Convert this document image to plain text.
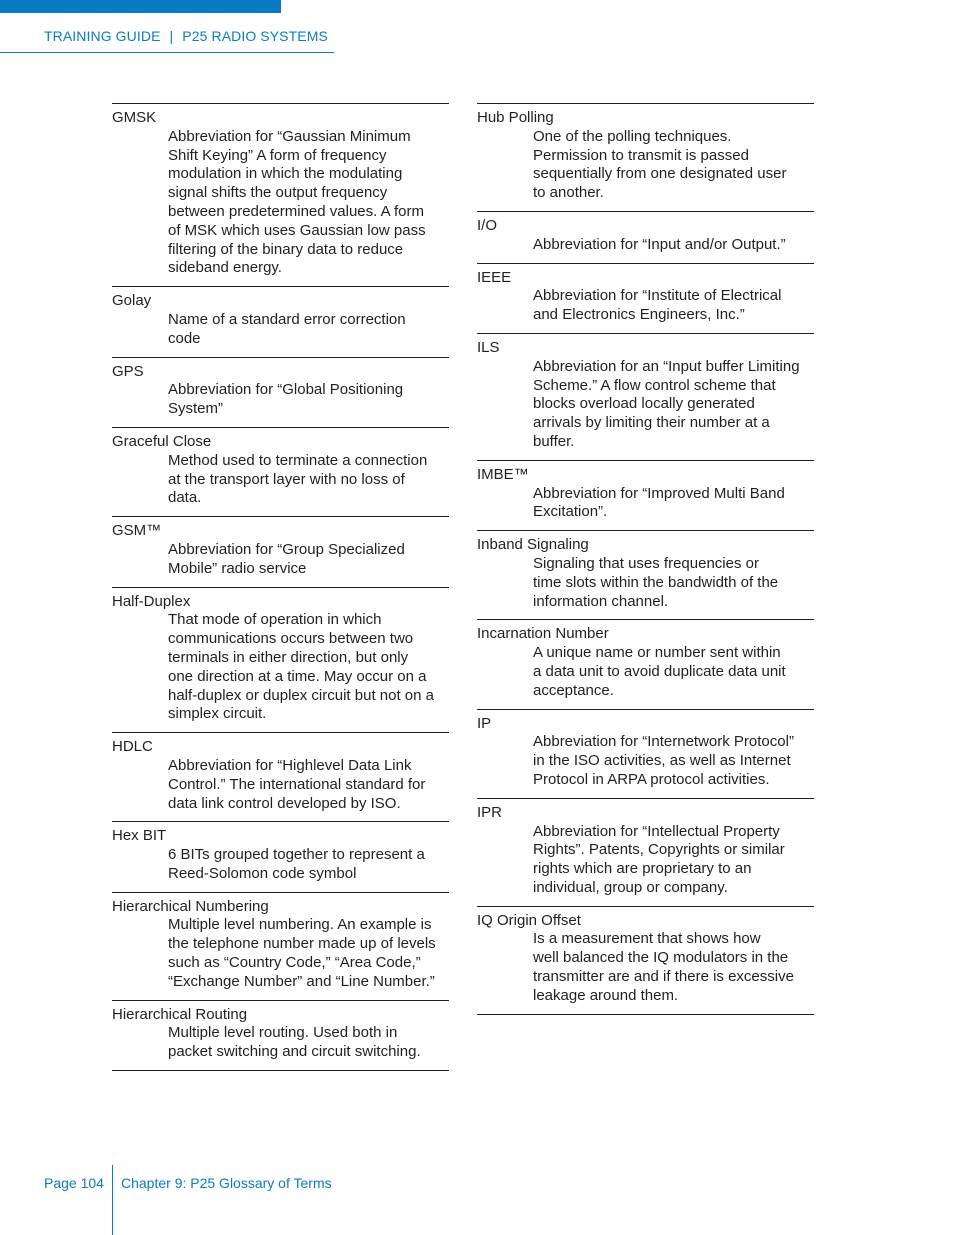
TRAINING GUIDE | P25 RADIO SYSTEMS
GMSK
Abbreviation for “Gaussian Minimum
Shift Keying” A form of frequency
modulation in which the modulating
signal shifts the output frequency
between predetermined values. A form
of MSK which uses Gaussian low pass
filtering of the binary data to reduce
sideband energy.
Golay
Name of a standard error correction
code
GPS
Abbreviation for “Global Positioning
System”
Graceful Close
Method used to terminate a connection
at the transport layer with no loss of
data.
GSM™
Abbreviation for “Group Specialized
Mobile” radio service
Half-Duplex
That mode of operation in which
communications occurs between two
terminals in either direction, but only
one direction at a time. May occur on a
half-duplex or duplex circuit but not on a
simplex circuit.
HDLC
Abbreviation for “Highlevel Data Link
Control.” The international standard for
data link control developed by ISO.
Hex BIT
6 BITs grouped together to represent a
Reed-Solomon code symbol
Hierarchical Numbering
Multiple level numbering. An example is
the telephone number made up of levels
such as “Country Code,” “Area Code,”
“Exchange Number” and “Line Number.”
Hierarchical Routing
Multiple level routing. Used both in
packet switching and circuit switching.
Hub Polling
One of the polling techniques.
Permission to transmit is passed
sequentially from one designated user
to another.
I/O
Abbreviation for “Input and/or Output.”
IEEE
Abbreviation for “Institute of Electrical
and Electronics Engineers, Inc.”
ILS
Abbreviation for an “Input buffer Limiting
Scheme.” A flow control scheme that
blocks overload locally generated
arrivals by limiting their number at a
buffer.
IMBE™
Abbreviation for “Improved Multi Band
Excitation”.
Inband Signaling
Signaling that uses frequencies or
time slots within the bandwidth of the
information channel.
Incarnation Number
A unique name or number sent within
a data unit to avoid duplicate data unit
acceptance.
IP
Abbreviation for “Internetwork Protocol”
in the ISO activities, as well as Internet
Protocol in ARPA protocol activities.
IPR
Abbreviation for “Intellectual Property
Rights”. Patents, Copyrights or similar
rights which are proprietary to an
individual, group or company.
IQ Origin Offset
Is a measurement that shows how
well balanced the IQ modulators in the
transmitter are and if there is excessive
leakage around them.
Page 104 Chapter 9: P25 Glossary of Terms
